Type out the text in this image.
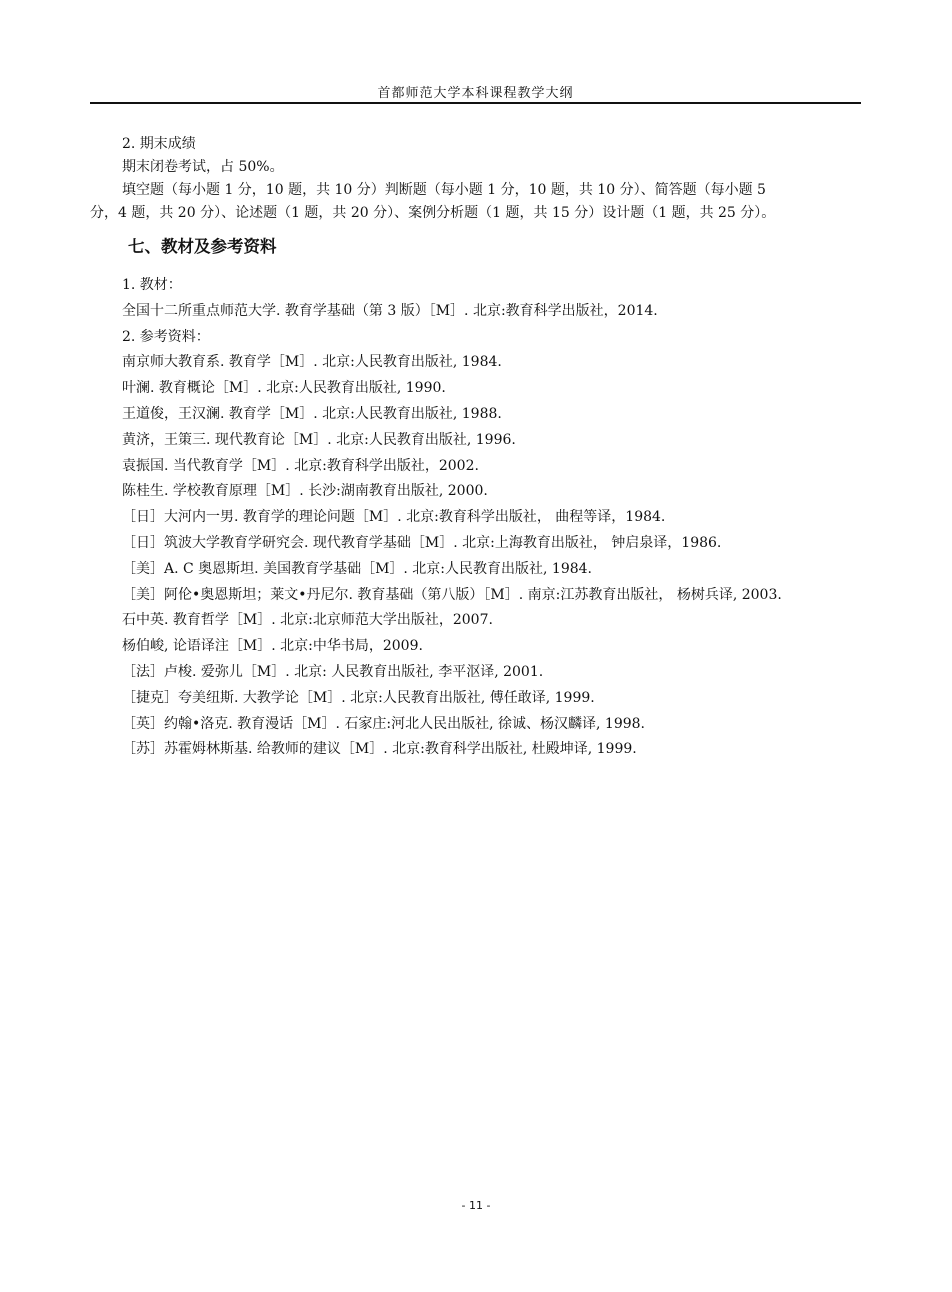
首都师范大学本科课程教学大纲
2. 期末成绩
期末闭卷考试，占 50%。
填空题（每小题 1 分，10 题，共 10 分）判断题（每小题 1 分，10 题，共 10 分）、简答题（每小题 5
分，4 题，共 20 分）、论述题（1 题，共 20 分）、案例分析题（1 题，共 15 分）设计题（1 题，共 25 分）。
七、教材及参考资料
1. 教材：
全国十二所重点师范大学. 教育学基础（第 3 版）［M］. 北京:教育科学出版社，2014.
2. 参考资料：
南京师大教育系. 教育学［M］. 北京:人民教育出版社, 1984.
叶澜. 教育概论［M］. 北京:人民教育出版社, 1990.
王道俊，王汉澜. 教育学［M］. 北京:人民教育出版社, 1988.
黄济，王策三. 现代教育论［M］. 北京:人民教育出版社, 1996.
袁振国. 当代教育学［M］. 北京:教育科学出版社，2002.
陈桂生. 学校教育原理［M］. 长沙:湖南教育出版社, 2000.
［日］大河内一男. 教育学的理论问题［M］. 北京:教育科学出版社， 曲程等译，1984.
［日］筑波大学教育学研究会. 现代教育学基础［M］. 北京:上海教育出版社， 钟启泉译，1986.
［美］A. C 奥恩斯坦. 美国教育学基础［M］. 北京:人民教育出版社, 1984.
［美］阿伦•奥恩斯坦；莱文•丹尼尔. 教育基础（第八版）［M］. 南京:江苏教育出版社， 杨树兵译, 2003.
石中英. 教育哲学［M］. 北京:北京师范大学出版社，2007.
杨伯峻, 论语译注［M］. 北京:中华书局，2009.
［法］卢梭. 爱弥儿［M］. 北京: 人民教育出版社, 李平沤译, 2001.
［捷克］夸美纽斯. 大教学论［M］. 北京:人民教育出版社, 傅任敢译, 1999.
［英］约翰•洛克. 教育漫话［M］. 石家庄:河北人民出版社, 徐诚、杨汉麟译, 1998.
［苏］苏霍姆林斯基. 给教师的建议［M］. 北京:教育科学出版社, 杜殿坤译, 1999.
- 11 -
